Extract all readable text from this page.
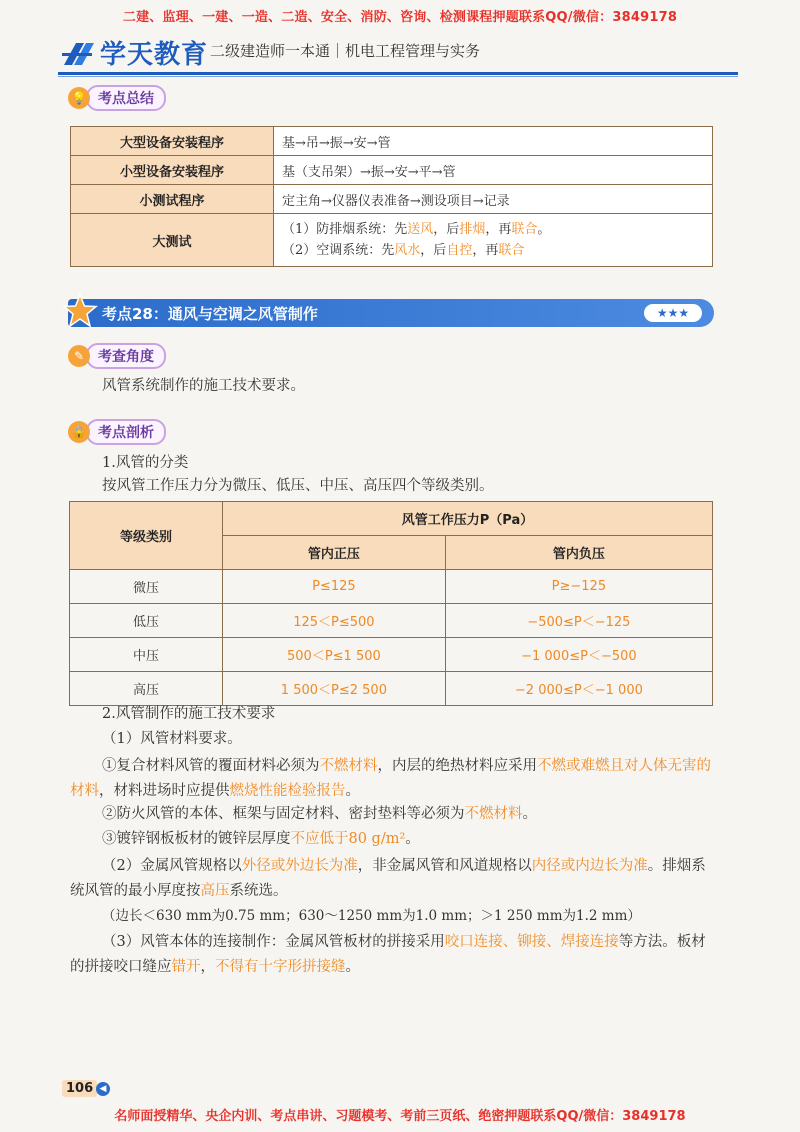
二建、监理、一建、一造、二造、安全、消防、咨询、检测课程押题联系QQ/微信：3849178
学天教育 二级建造师一本通｜机电工程管理与实务
💡 考点总结
大型设备安装程序	基→吊→振→安→管
小型设备安装程序	基（支吊架）→振→安→平→管
小测试程序	定主角→仪器仪表准备→测设项目→记录
大测试	（1）防排烟系统：先送风，后排烟，再联合。
（2）空调系统：先风水，后自控，再联合
考点28：通风与空调之风管制作	★★★
✎ 考查角度
风管系统制作的施工技术要求。
🔒 考点剖析
1.风管的分类
按风管工作压力分为微压、低压、中压、高压四个等级类别。
等级类别	风管工作压力P（Pa）	
	管内正压	管内负压
微压	P≤125	P≥−125
低压	125＜P≤500	−500≤P＜−125
中压	500＜P≤1 500	−1 000≤P＜−500
高压	1 500＜P≤2 500	−2 000≤P＜−1 000
2.风管制作的施工技术要求
（1）风管材料要求。
①复合材料风管的覆面材料必须为不燃材料，内层的绝热材料应采用不燃或难燃且对人体无害的材料，材料进场时应提供燃烧性能检验报告。
②防火风管的本体、框架与固定材料、密封垫料等必须为不燃材料。
③镀锌钢板板材的镀锌层厚度不应低于80 g/m²。
（2）金属风管规格以外径或外边长为准，非金属风管和风道规格以内径或内边长为准。排烟系统风管的最小厚度按高压系统选。
（边长＜630 mm为0.75 mm；630～1250 mm为1.0 mm；＞1 250 mm为1.2 mm）
（3）风管本体的连接制作：金属风管板材的拼接采用咬口连接、铆接、焊接连接等方法。板材的拼接咬口缝应错开，不得有十字形拼接缝。
106 ◀
名师面授精华、央企内训、考点串讲、习题模考、考前三页纸、绝密押题联系QQ/微信：3849178
